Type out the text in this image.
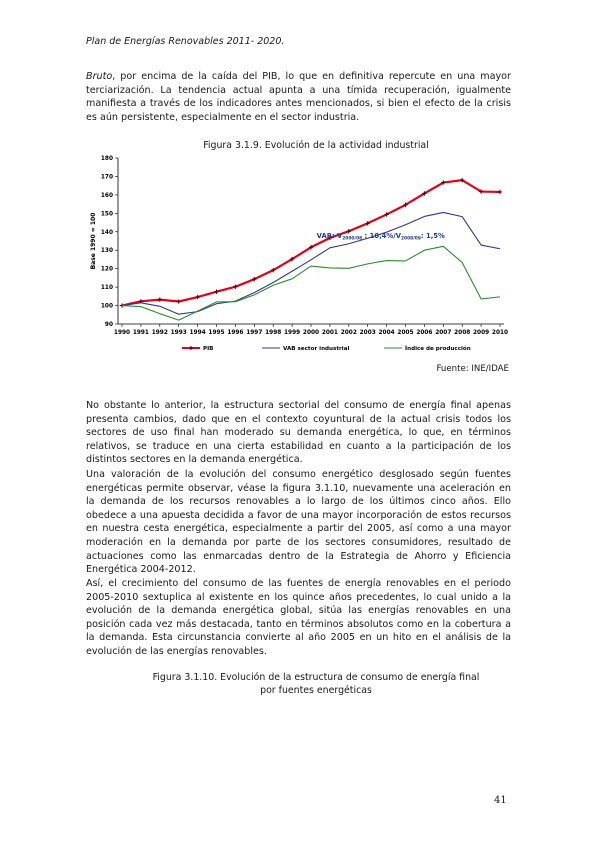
Plan de Energías Renovables 2011- 2020.

Bruto, por encima de la caída del PIB, lo que en definitiva repercute en una mayor terciarización. La tendencia actual apunta a una tímida recuperación, igualmente manifiesta a través de los indicadores antes mencionados, si bien el efecto de la crisis es aún persistente, especialmente en el sector industria.

Figura 3.1.9. Evolución de la actividad industrial
90
100
110
120
130
140
150
160
170
180
1990 1991 1992 1993 1994 1995 1996 1997 1998 1999 2000 2001 2002 2003 2004 2005 2006 2007 2008 2009 2010
Base 1990 = 100	VAB: $V_{2000/08}$ : $10,4\%/V_{2008/09}$: 1,5%
PIB	VAB sector industrial	Índice de producción
Fuente: INE/IDAE

No obstante lo anterior, la estructura sectorial del consumo de energía final apenas presenta cambios, dado que en el contexto coyuntural de la actual crisis todos los sectores de uso final han moderado su demanda energética, lo que, en términos relativos, se traduce en una cierta estabilidad en cuanto a la participación de los distintos sectores en la demanda energética.

Una valoración de la evolución del consumo energético desglosado según fuentes energéticas permite observar, véase la figura 3.1.10, nuevamente una aceleración en la demanda de los recursos renovables a lo largo de los últimos cinco años. Ello obedece a una apuesta decidida a favor de una mayor incorporación de estos recursos en nuestra cesta energética, especialmente a partir del 2005, así como a una mayor moderación en la demanda por parte de los sectores consumidores, resultado de actuaciones como las enmarcadas dentro de la Estrategia de Ahorro y Eficiencia Energética 2004-2012.

Así, el crecimiento del consumo de las fuentes de energía renovables en el periodo 2005-2010 sextuplica al existente en los quince años precedentes, lo cual unido a la evolución de la demanda energética global, sitúa las energías renovables en una posición cada vez más destacada, tanto en términos absolutos como en la cobertura a la demanda. Esta circunstancia convierte al año 2005 en un hito en el análisis de la evolución de las energías renovables.

Figura 3.1.10. Evolución de la estructura de consumo de energía final
por fuentes energéticas
41
